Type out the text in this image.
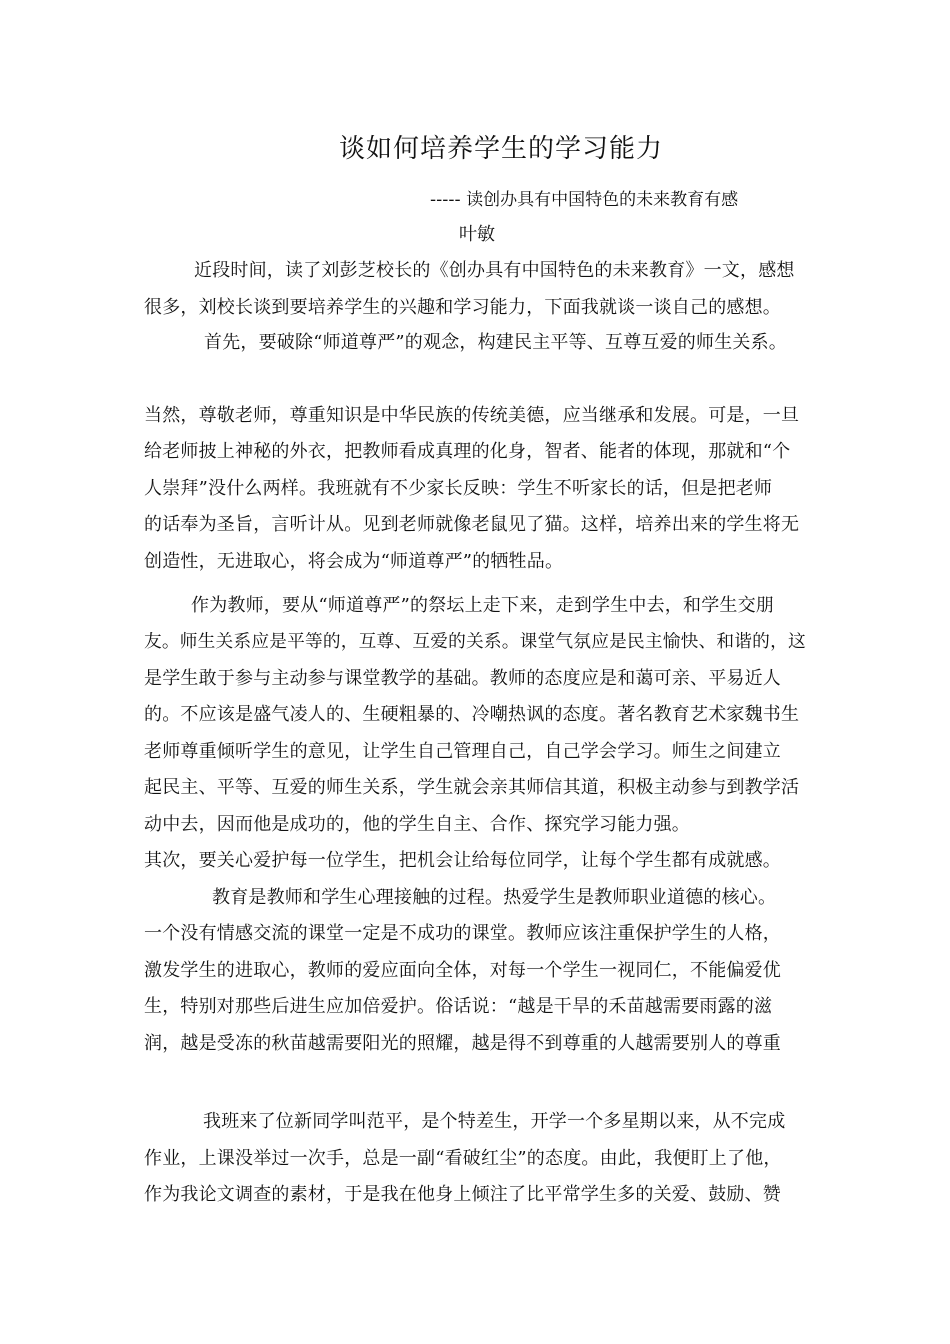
谈如何培养学生的学习能力
----- 读创办具有中国特色的未来教育有感
叶敏
近段时间，读了刘彭芝校长的《创办具有中国特色的未来教育》一文，感想
很多，刘校长谈到要培养学生的兴趣和学习能力，下面我就谈一谈自己的感想。
首先，要破除“师道尊严”的观念，构建民主平等、互尊互爱的师生关系。
当然，尊敬老师，尊重知识是中华民族的传统美德，应当继承和发展。可是，一旦
给老师披上神秘的外衣，把教师看成真理的化身，智者、能者的体现，那就和“个
人崇拜”没什么两样。我班就有不少家长反映：学生不听家长的话，但是把老师
的话奉为圣旨，言听计从。见到老师就像老鼠见了猫。这样，培养出来的学生将无
创造性，无进取心，将会成为“师道尊严”的牺牲品。
作为教师，要从“师道尊严”的祭坛上走下来，走到学生中去，和学生交朋
友。师生关系应是平等的，互尊、互爱的关系。课堂气氛应是民主愉快、和谐的，这
是学生敢于参与主动参与课堂教学的基础。教师的态度应是和蔼可亲、平易近人
的。不应该是盛气凌人的、生硬粗暴的、冷嘲热讽的态度。著名教育艺术家魏书生
老师尊重倾听学生的意见，让学生自己管理自己，自己学会学习。师生之间建立
起民主、平等、互爱的师生关系，学生就会亲其师信其道，积极主动参与到教学活
动中去，因而他是成功的，他的学生自主、合作、探究学习能力强。
其次，要关心爱护每一位学生，把机会让给每位同学，让每个学生都有成就感。
教育是教师和学生心理接触的过程。热爱学生是教师职业道德的核心。
一个没有情感交流的课堂一定是不成功的课堂。教师应该注重保护学生的人格，
激发学生的进取心，教师的爱应面向全体，对每一个学生一视同仁，不能偏爱优
生，特别对那些后进生应加倍爱护。俗话说：“越是干旱的禾苗越需要雨露的滋
润，越是受冻的秋苗越需要阳光的照耀，越是得不到尊重的人越需要别人的尊重
我班来了位新同学叫范平，是个特差生，开学一个多星期以来，从不完成
作业，上课没举过一次手，总是一副“看破红尘”的态度。由此，我便盯上了他，
作为我论文调查的素材，于是我在他身上倾注了比平常学生多的关爱、鼓励、赞
